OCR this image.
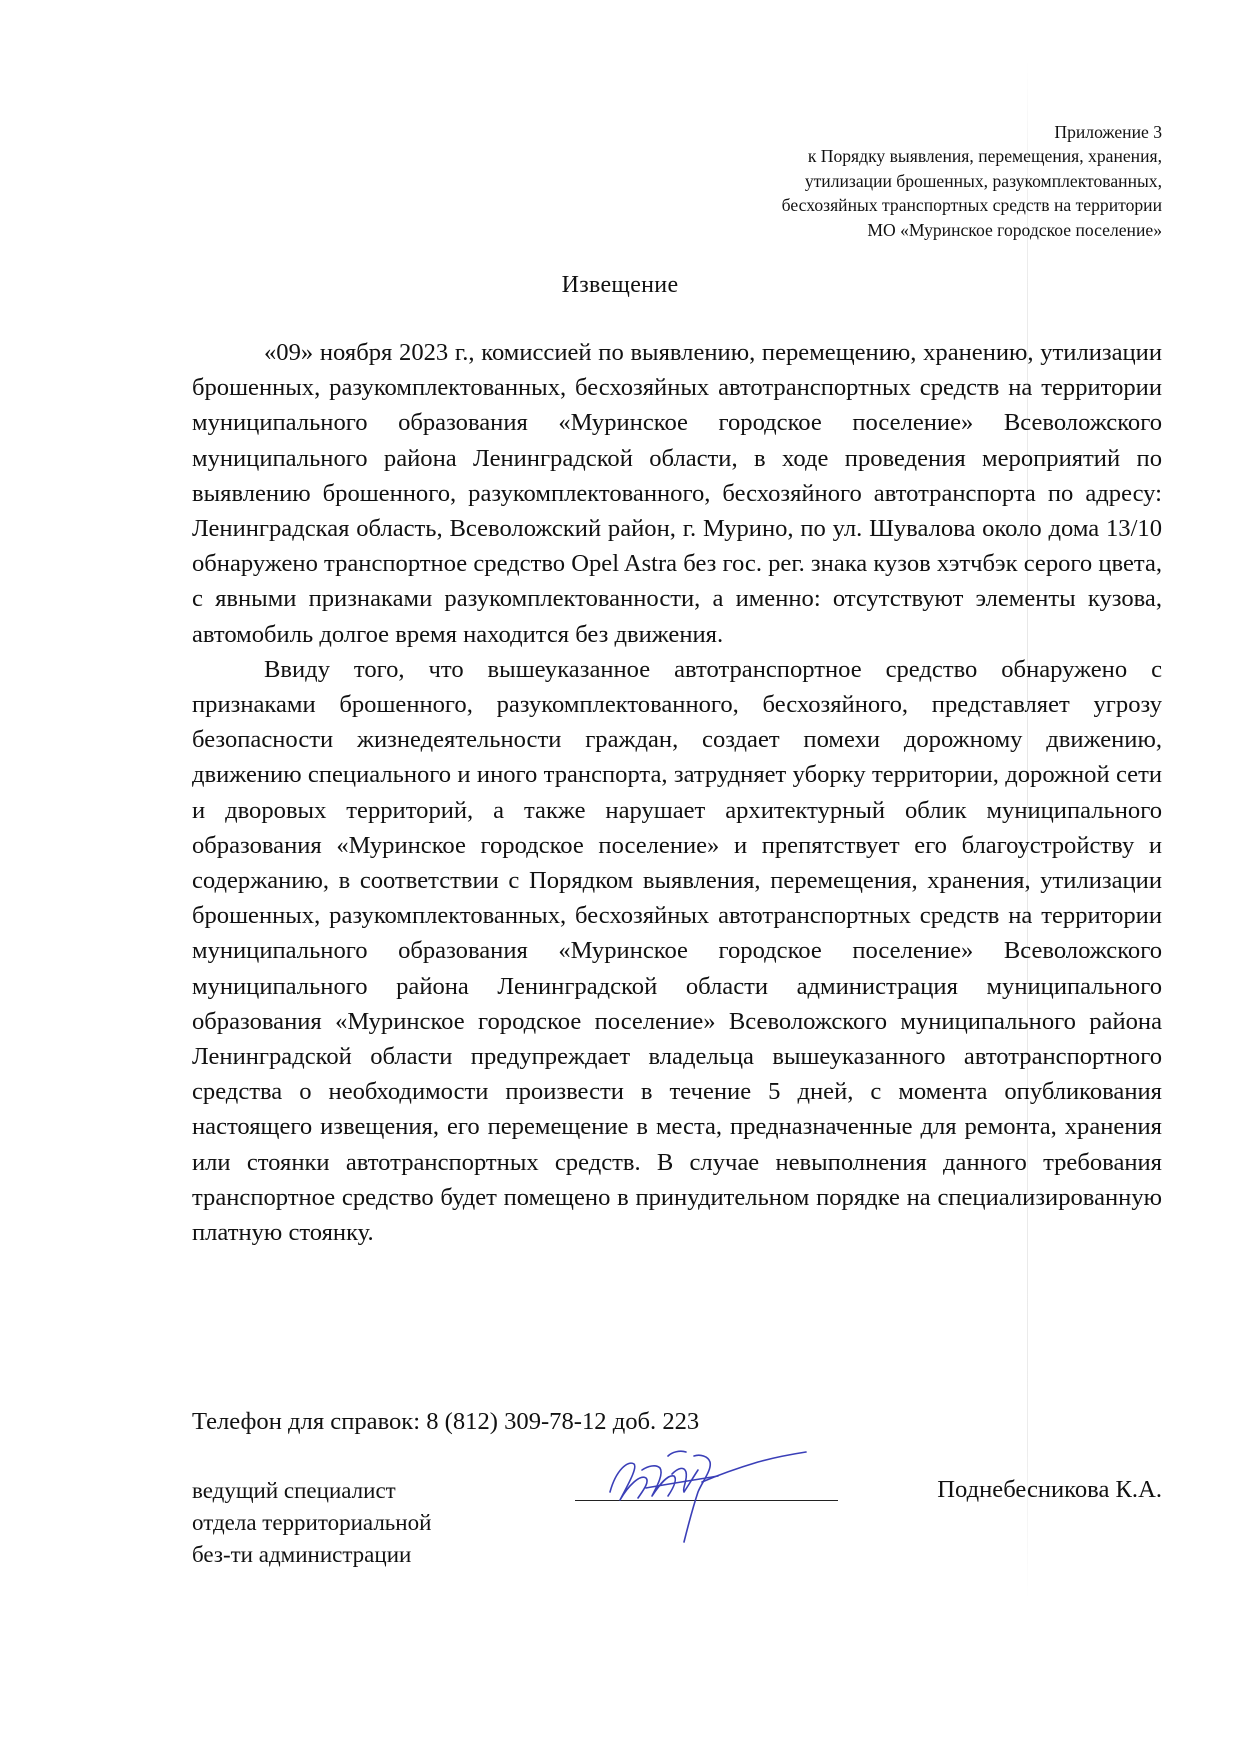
Приложение 3
к Порядку выявления, перемещения, хранения,
утилизации брошенных, разукомплектованных,
бесхозяйных транспортных средств на территории
МО «Муринское городское поселение»
Извещение

«09» ноября 2023 г., комиссией по выявлению, перемещению, хранению, утилизации брошенных, разукомплектованных, бесхозяйных автотранспортных средств на территории муниципального образования «Муринское городское поселение» Всеволожского муниципального района Ленинградской области, в ходе проведения мероприятий по выявлению брошенного, разукомплектованного, бесхозяйного автотранспорта по адресу: Ленинградская область, Всеволожский район, г. Мурино, по ул. Шувалова около дома 13/10 обнаружено транспортное средство Opel Astra без гос. рег. знака кузов хэтчбэк серого цвета, с явными признаками разукомплектованности, а именно: отсутствуют элементы кузова, автомобиль долгое время находится без движения.

Ввиду того, что вышеуказанное автотранспортное средство обнаружено с признаками брошенного, разукомплектованного, бесхозяйного, представляет угрозу безопасности жизнедеятельности граждан, создает помехи дорожному движению, движению специального и иного транспорта, затрудняет уборку территории, дорожной сети и дворовых территорий, а также нарушает архитектурный облик муниципального образования «Муринское городское поселение» и препятствует его благоустройству и содержанию, в соответствии с Порядком выявления, перемещения, хранения, утилизации брошенных, разукомплектованных, бесхозяйных автотранспортных средств на территории муниципального образования «Муринское городское поселение» Всеволожского муниципального района Ленинградской области администрация муниципального образования «Муринское городское поселение» Всеволожского муниципального района Ленинградской области предупреждает владельца вышеуказанного автотранспортного средства о необходимости произвести в течение 5 дней, с момента опубликования настоящего извещения, его перемещение в места, предназначенные для ремонта, хранения или стоянки автотранспортных средств. В случае невыполнения данного требования транспортное средство будет помещено в принудительном порядке на специализированную платную стоянку.

Телефон для справок: 8 (812) 309-78-12 доб. 223
ведущий специалист
отдела территориальной
без-ти администрации
Поднебесникова К.А.
